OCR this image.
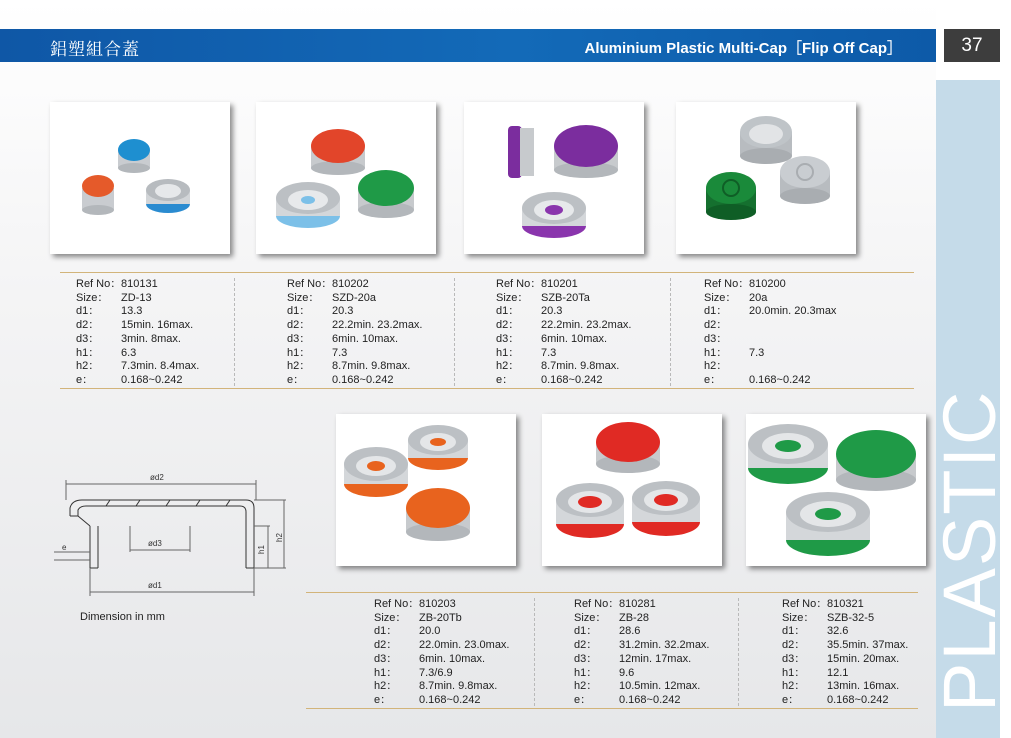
PLASTIC
鋁塑組合蓋	Aluminium Plastic Multi-Cap［Flip Off Cap］	37
Ref No： 810131
Size：	ZD-13
d1：	13.3
d2：	15min. 16max.
d3：	3min. 8max.
h1：	6.3
h2：	7.3min. 8.4max.
e：	0.168~0.242
Ref No： 810202
Size：	SZD-20a
d1：	20.3
d2：	22.2min. 23.2max.
d3：	6min. 10max.
h1：	7.3
h2：	8.7min. 9.8max.
e：	0.168~0.242
Ref No： 810201
Size：	SZB-20Ta
d1：	20.3
d2：	22.2min. 23.2max.
d3：	6min. 10max.
h1：	7.3
h2：	8.7min. 9.8max.
e：	0.168~0.242
Ref No： 810200
Size：	20a
d1：	20.0min. 20.3max
d2：
d3：
h1：	7.3
h2：
e：	0.168~0.242
ød2
ød3
ød1
e	h1
h2
Dimension in mm
Ref No： 810203
Size：	ZB-20Tb
d1：	20.0
d2：	22.0min. 23.0max.
d3：	6min. 10max.
h1：	7.3/6.9
h2：	8.7min. 9.8max.
e：	0.168~0.242
Ref No： 810281
Size：	ZB-28
d1：	28.6
d2：	31.2min. 32.2max.
d3：	12min. 17max.
h1：	9.6
h2：	10.5min. 12max.
e：	0.168~0.242
Ref No： 810321
Size：	SZB-32-5
d1：	32.6
d2：	35.5min. 37max.
d3：	15min. 20max.
h1：	12.1
h2：	13min. 16max.
e：	0.168~0.242
